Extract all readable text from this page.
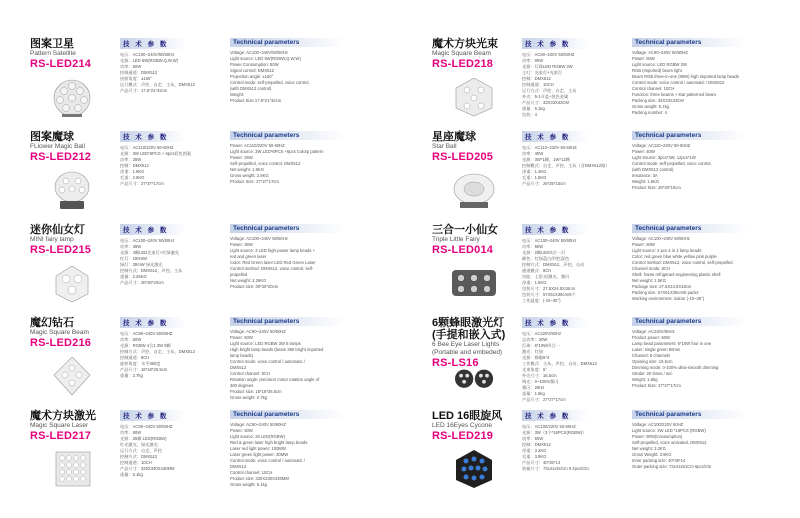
图案卫星
Pattern Satellite
RS-LED214
技 术 参 数
电压：AC100~240V/60/50Hz
光源：LED 6W(RGBW,Q,W,W)
功率：50W
控制通道：DMX512
投射角度：±150°
运行模式：声控、自走、主从、DMX512
产品尺寸：17.5*21*32cm
Technical parameters
Voltage: AC100~240V/60/50Hz
Light source: LED 6W(RGBW,Q,W,W)
Power Consumption: 50W
Signal control: DMX512
Projection angle: ±150°
Control mode: self-propelled, voice control,
(with DMX512 control)
Weight:
Product Size:17.5*21*32cm
图案魔球
FLlower Magic Ball
RS-LED212
技 术 参 数
电压：AC110/220V 50-60HZ
光源：3W LED*6PCS + 6pcs彩色图案
功率：25W
控制：DMX512
净重：1.9KG
毛重：2.6KG
产品尺寸：27*27*17cm
Technical parameters
Power: AC110/220V 50-60HZ
Light source: 3W LED*6PCS +6pcs Colorp pattern
Power: 25W
Self-propelled, voice control, DMX512
Net weight: 1.9KG
Gross weight: 2.6KG
Product Size: 27*27*17cm
迷你仙女灯
MINI fairy lamp
RS-LED215
技 术 参 数
电压：AC100~240V 50/60Hz
功率：36W
光源：4颗LED光束灯+红绿激光
红灯：100mW
绿灯：30mW 绿光激光
控制方式：DMX512，声控，主从
重量：2.26KG
产品尺寸：30*30*20cm
Technical parameters
Voltage: AC100~240V 50/60Hz
Power: 36W
Light source: 3 LED high-power lamp beads +
red and green laser
Color: Red Green laser LED Red Green Laser
Control method: DMX512, voice control, self-
propelled
Net weight: 2.26KG
Product size: 30*30*20cm
魔幻钻石
Magic Square Beam
RS-LED216
技 术 参 数
电压：AC90~240V 50/60HZ
功率：50W
光源：RGBW 4合1 3W 8颗
控制方式：声控、自走、主从、DMX512
控制通道：8CH
旋转角度：水平360度
产品尺寸：18*18*26.5cm
重量：2.7kg
Technical parameters
Voltage: AC90~240V 50/60HZ
Power: 50W
Light source: LED RGBW 3W 8 lamps
High bright lamp beads (beam 360 bright imported
lamp beads)
Control mode: voice control / automatic /
DMX512
Control channel: 8CH
Rotation angle: precision motor rotation angle of
360 degrees
Product size: 18*18*26.5cm
Gross weight: 2.7kg
魔术方块激光
Magic Square Laser
RS-LED217
技 术 参 数
电压：AC90~240V 50/60HZ
功率：60W
光源：25颗 LED(RGBW)
红光激光、绿光激光
运行方式：自走、声控
控制方式：DMX512
控制通道：10CH
产品尺寸：330X330X430MM
重量：5.1kg
Technical parameters
Voltage: AC90~240V 50/60HZ
Power: 60W
Light source: 25 LED(RGBW)
Red & green laser high bright lamp beads
Laser red light power: 100MW
Laser green light power: 30MW
Control mode: voice control / automatic /
DMX512
Control channel: 10CH
Product size: 330X330X430MM
Gross weight: 5.1kg
魔术方块光束
Magic Square Beam
RS-LED218
技 术 参 数
电压：AC90~240V 50/60HZ
功率：80W
光源：灯珠LED RGBW 3W
主灯：光束灯+光束灯
控制：DMX512
控制通道：10CH
运行方式：声控、自走、主从
外壳：5-1开盖+黑色金属
产品尺寸：33X33X43CM
重量：5.1kg
包装：4
Technical parameters
Voltage: AC90~240V 50/60HZ
Power: 80W
Light source: LED RGBW 3W
RGB (imported) beam light
Beam RGB three-in-one (80W) high imported lamp beads
Control mode: voice control / automatic / DMX512
Control channel: 10CH
Function: three beams + star patterned beam
Packing size: 33X33X43CM
Gross weight: 5.1kg
Packing number: 4
星座魔球
Star Ball
RS-LED205
技 术 参 数
电压：AC110~220V 50-60HZ
功率：40W
光源：3W*1颗，1W*12颗
控制模式：自走、声控、主从（含DMX512路）
净重：1.3KG
毛重：1.5KG
产品尺寸：26*26*15cm
Technical parameters
Voltage: AC110~220V 50-60HZ
Power: 40W
Light Source: 3pcs*3W, 12pcs*1W
Control mode: self-propelled, voice control,
(with DMX512 control)
Insurance: 3A
Weight: 1.5KG
Product Size: 26*26*15cm
三合一小仙女
Triple Little Fairy
RS-LED014
技 术 参 数
电压：AC100~240V 50/60Hz
功率：60W
光源：2颗LED/4合一灯
颜色：红绿蓝白/四色混色
控制方式：DMX512，声控，自动
通道模式：8CH
功能：七彩光/激光、频闪
净重：1.5KG
包装尺寸：27.5X24.5X18cm
包装尺寸：57X51X39cm/6个
工作温度：(-10~35°)
Technical parameters
Voltage: AC100~240V 50/60Hz
Power: 60W
Light source: 2 pcs 4 in 1 lamp beads
Color: red green blue white yellow pink purple
Control method: DMX512, voice control, self-propelled
Channel mode: 8CH
Shell: frame refrigerant engineering plastic shell
Net weight: 1.5KG
Package size: 27.5X24.5X18cm
Packing size: 57X51X39cm/6 packs
Working environment: indoor (-10~35°)
6颗蜂眼激光灯(手提和嵌入式)
6 Bee Eye Laser Lights (Portable and embeded)
RS-LS16
技 术 参 数
电压：AC220V/50Hz
总功率：20W
灯珠：6*10W四合一
激光：红绿
光源：蜂眼6*4
工作模式：主从、声控、自动、DMX512
光束角度：5°
外壳尺寸：16.5cm
调光：0~100%频闪
频闪：20Hz
重量：1.6kg
产品尺寸：27*27*17cm
Technical parameters
Voltage: AC220V/50Hz
Product power: 60W
Lamp bead parameters: 6*10W four in one
Laser: single green 50mw
Channel: 8 channels
Opening size: 16.5cm
Dimming mode: 0-100% ultra-smooth dimming
Strobe: 20 times / sec
Weight: 1.6kg
Product Size: 27*27*17cm
LED 16眼旋风
LED 16Eyes Cycone
RS-LED219
技 术 参 数
电压：AC100/220V 50-60HZ
光源：3W（3个*16PCS(RGBW)）
功率：50W
控制：DMX512
净重：3.2KG
毛重：3.9KG
产品尺寸：40*36*14
装箱尺寸：73x41x51Cm 6 4pcs/Ctn
Technical parameters
Voltage: AC100/220V 50HZ
Light source: 3W LED *16PCS (RGBW)
Power: 80W(Consumption)
Self-propelled, voice activated, DMX512
Net weight: 3.2KG
Gross Weight: 3.9KG
Inner packing size: 40*36*14
Outer packing size: 73x41x51Cm 6pcs/Ctn
